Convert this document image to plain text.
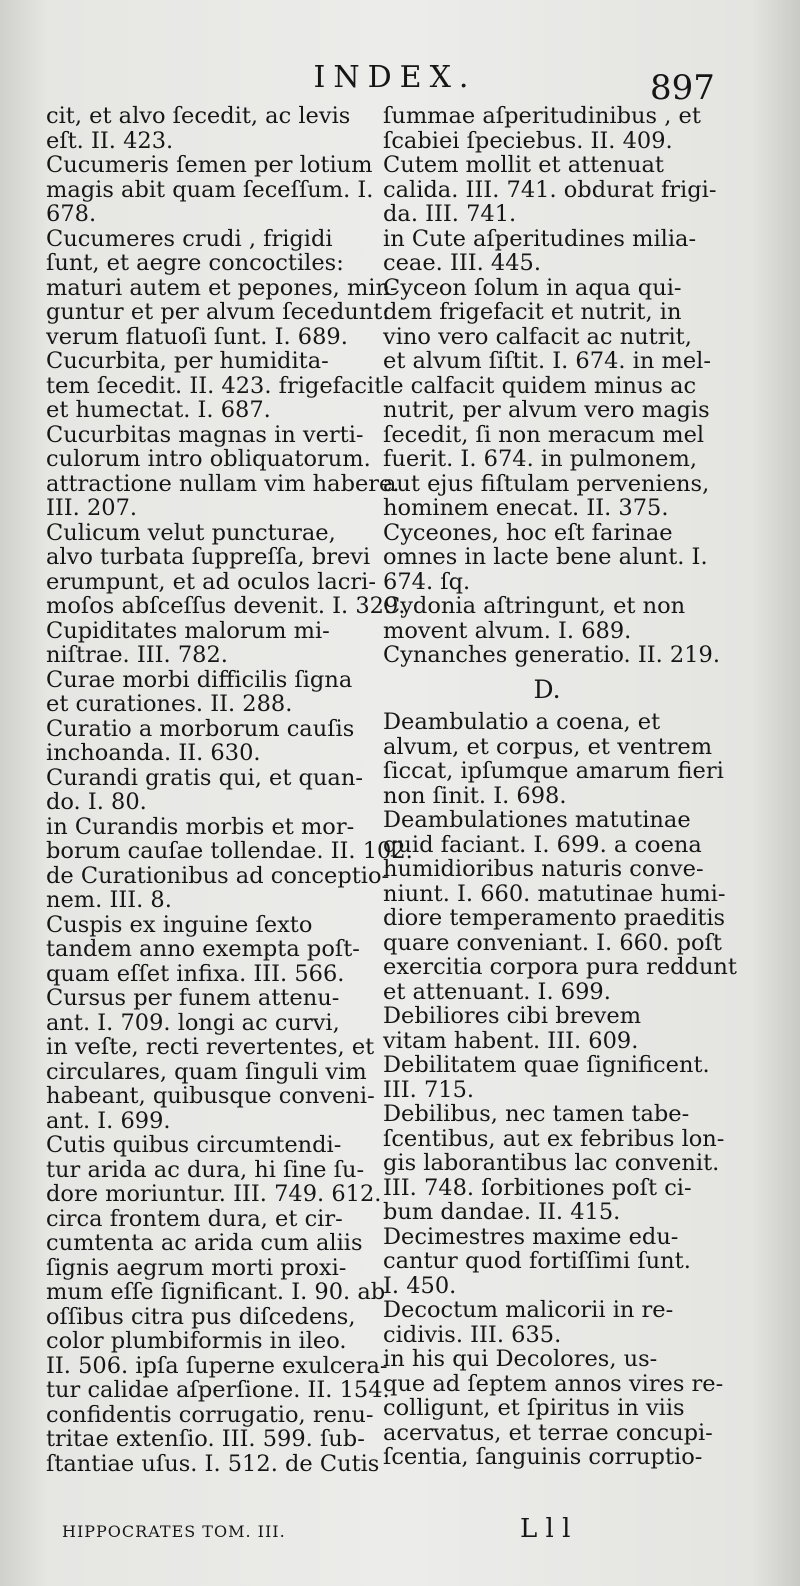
INDEX.	897

cit, et alvo ſecedit, ac levis

eſt. II. 423.

Cucumeris ſemen per lotium

magis abit quam ſeceſſum. I.

678.

Cucumeres crudi , frigidi

ſunt, et aegre concoctiles:

maturi autem et pepones, min-

guntur et per alvum ſecedunt:

verum flatuoſi ſunt. I. 689.

Cucurbita, per humidita-

tem ſecedit. II. 423. frigefacit

et humectat. I. 687.

Cucurbitas magnas in verti-

culorum intro obliquatorum.

attractione nullam vim habere.

III. 207.

Culicum velut puncturae,

alvo turbata ſuppreſſa, brevi

erumpunt, et ad oculos lacri-

moſos abſceſſus devenit. I. 329.

Cupiditates malorum mi-

niſtrae. III. 782.

Curae morbi difficilis ſigna

et curationes. II. 288.

Curatio a morborum cauſis

inchoanda. II. 630.

Curandi gratis qui, et quan-

do. I. 80.

in Curandis morbis et mor-

borum cauſae tollendae. II. 102.

de Curationibus ad conceptio-

nem. III. 8.

Cuspis ex inguine ſexto

tandem anno exempta poſt-

quam eſſet infixa. III. 566.

Cursus per funem attenu-

ant. I. 709. longi ac curvi,

in veſte, recti revertentes, et

circulares, quam ſinguli vim

habeant, quibusque conveni-

ant. I. 699.

Cutis quibus circumtendi-

tur arida ac dura, hi ſine ſu-

dore moriuntur. III. 749. 612.

circa frontem dura, et cir-

cumtenta ac arida cum aliis

ſignis aegrum morti proxi-

mum eſſe ſignificant. I. 90. ab

oſſibus citra pus diſcedens,

color plumbiformis in ileo.

II. 506. ipſa ſuperne exulcera-

tur calidae aſperſione. II. 154.

confidentis corrugatio, renu-

tritae extenſio. III. 599. ſub-

ſtantiae uſus. I. 512. de Cutis

ſummae aſperitudinibus , et

ſcabiei ſpeciebus. II. 409.

Cutem mollit et attenuat

calida. III. 741. obdurat frigi-

da. III. 741.

in Cute aſperitudines milia-

ceae. III. 445.

Cyceon ſolum in aqua qui-

dem frigefacit et nutrit, in

vino vero calfacit ac nutrit,

et alvum ſiſtit. I. 674. in mel-

le calfacit quidem minus ac

nutrit, per alvum vero magis

ſecedit, ſi non meracum mel

fuerit. I. 674. in pulmonem,

aut ejus fiſtulam perveniens,

hominem enecat. II. 375.

Cyceones, hoc eſt farinae

omnes in lacte bene alunt. I.

674. ſq.

Cydonia aſtringunt, et non

movent alvum. I. 689.

Cynanches generatio. II. 219.

D.

Deambulatio a coena, et

alvum, et corpus, et ventrem

ſiccat, ipſumque amarum fieri

non ſinit. I. 698.

Deambulationes matutinae

quid faciant. I. 699. a coena

humidioribus naturis conve-

niunt. I. 660. matutinae humi-

diore temperamento praeditis

quare conveniant. I. 660. poſt

exercitia corpora pura reddunt

et attenuant. I. 699.

Debiliores cibi brevem

vitam habent. III. 609.

Debilitatem quae ſignificent.

III. 715.

Debilibus, nec tamen tabe-

ſcentibus, aut ex febribus lon-

gis laborantibus lac convenit.

III. 748. ſorbitiones poſt ci-

bum dandae. II. 415.

Decimestres maxime edu-

cantur quod fortiſſimi ſunt.

I. 450.

Decoctum malicorii in re-

cidivis. III. 635.

in his qui Decolores, us-

que ad ſeptem annos vires re-

colligunt, et ſpiritus in viis

acervatus, et terrae concupi-

ſcentia, ſanguinis corruptio-

HIPPOCRATES TOM. III.	L l l
